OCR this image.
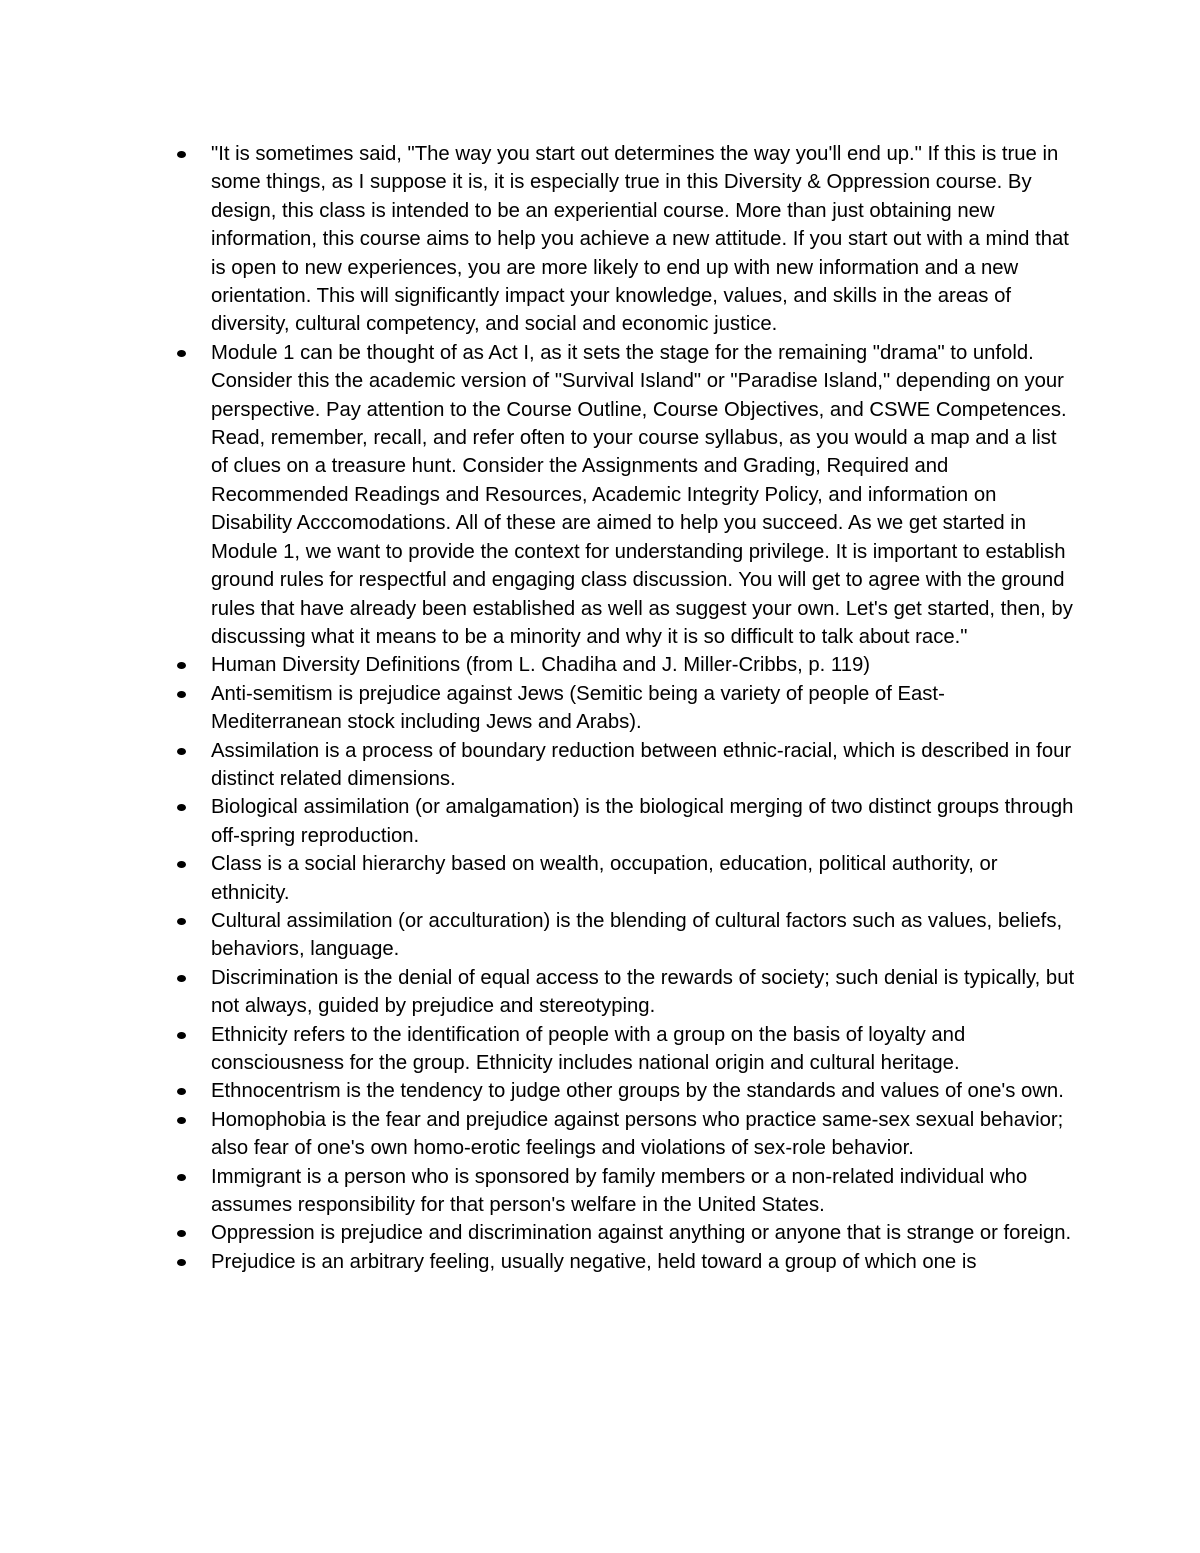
"It is sometimes said, "The way you start out determines the way you'll end up." If this is true in some things, as I suppose it is, it is especially true in this Diversity & Oppression course. By design, this class is intended to be an experiential course. More than just obtaining new information, this course aims to help you achieve a new attitude. If you start out with a mind that is open to new experiences, you are more likely to end up with new information and a new orientation. This will significantly impact your knowledge, values, and skills in the areas of diversity, cultural competency, and social and economic justice.
Module 1 can be thought of as Act I, as it sets the stage for the remaining "drama" to unfold. Consider this the academic version of "Survival Island" or "Paradise Island," depending on your perspective. Pay attention to the Course Outline, Course Objectives, and CSWE Competences. Read, remember, recall, and refer often to your course syllabus, as you would a map and a list of clues on a treasure hunt. Consider the Assignments and Grading, Required and Recommended Readings and Resources, Academic Integrity Policy, and information on Disability Acccomodations. All of these are aimed to help you succeed. As we get started in Module 1, we want to provide the context for understanding privilege. It is important to establish ground rules for respectful and engaging class discussion. You will get to agree with the ground rules that have already been established as well as suggest your own. Let's get started, then, by discussing what it means to be a minority and why it is so difficult to talk about race."
Human Diversity Definitions (from L. Chadiha and J. Miller-Cribbs, p. 119)
Anti-semitism is prejudice against Jews (Semitic being a variety of people of East-Mediterranean stock including Jews and Arabs).
Assimilation is a process of boundary reduction between ethnic-racial, which is described in four distinct related dimensions.
Biological assimilation (or amalgamation) is the biological merging of two distinct groups through off-spring reproduction.
Class is a social hierarchy based on wealth, occupation, education, political authority, or ethnicity.
Cultural assimilation (or acculturation) is the blending of cultural factors such as values, beliefs, behaviors, language.
Discrimination is the denial of equal access to the rewards of society; such denial is typically, but not always, guided by prejudice and stereotyping.
Ethnicity refers to the identification of people with a group on the basis of loyalty and consciousness for the group. Ethnicity includes national origin and cultural heritage.
Ethnocentrism is the tendency to judge other groups by the standards and values of one's own.
Homophobia is the fear and prejudice against persons who practice same-sex sexual behavior; also fear of one's own homo-erotic feelings and violations of sex-role behavior.
Immigrant is a person who is sponsored by family members or a non-related individual who assumes responsibility for that person's welfare in the United States.
Oppression is prejudice and discrimination against anything or anyone that is strange or foreign.
Prejudice is an arbitrary feeling, usually negative, held toward a group of which one is
